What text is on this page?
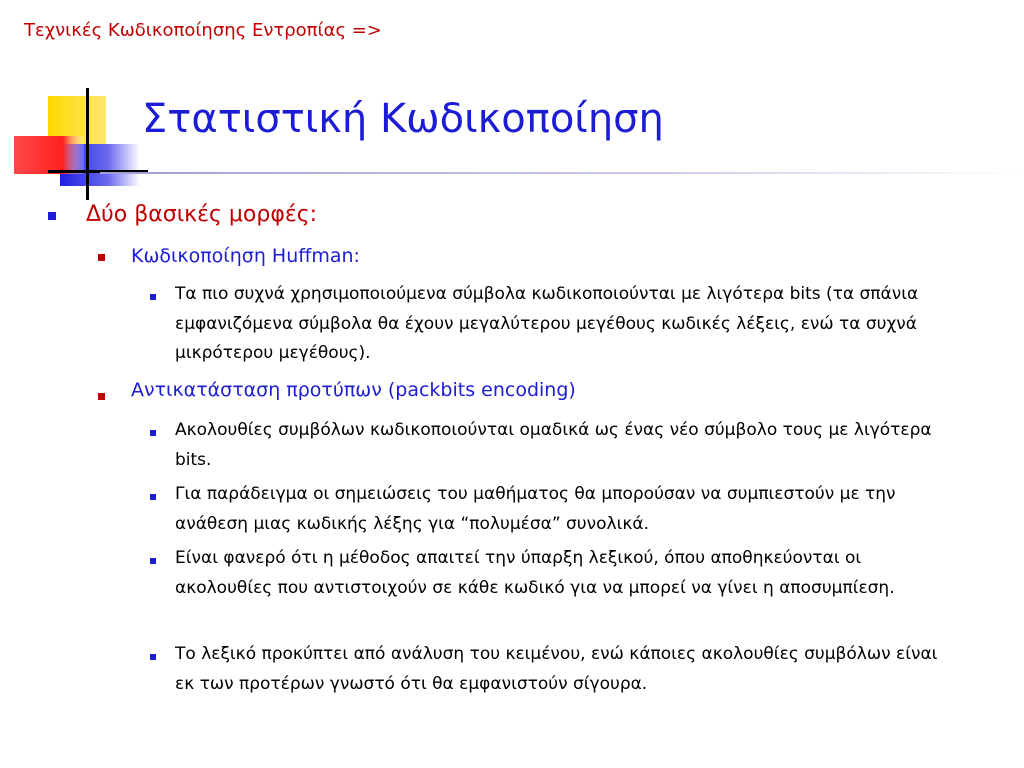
Τεχνικές Κωδικοποίησης Εντροπίας =>
Στατιστική Κωδικοποίηση
Δύο βασικές μορφές:
Κωδικοποίηση Huffman:
Τα πιο συχνά χρησιμοποιούμενα σύμβολα κωδικοποιούνται με λιγότερα bits (τα σπάνια εμφανιζόμενα σύμβολα θα έχουν μεγαλύτερου μεγέθους κωδικές λέξεις, ενώ τα συχνά μικρότερου μεγέθους).
Αντικατάσταση προτύπων (packbits encoding)
Ακολουθίες συμβόλων κωδικοποιούνται ομαδικά ως ένας νέο σύμβολο τους με λιγότερα bits.
Για παράδειγμα οι σημειώσεις του μαθήματος θα μπορούσαν να συμπιεστούν με την ανάθεση μιας κωδικής λέξης για “πολυμέσα” συνολικά.
Είναι φανερό ότι η μέθοδος απαιτεί την ύπαρξη λεξικού, όπου αποθηκεύονται οι ακολουθίες που αντιστοιχούν σε κάθε κωδικό για να μπορεί να γίνει η αποσυμπίεση.
Το λεξικό προκύπτει από ανάλυση του κειμένου, ενώ κάποιες ακολουθίες συμβόλων είναι εκ των προτέρων γνωστό ότι θα εμφανιστούν σίγουρα.
